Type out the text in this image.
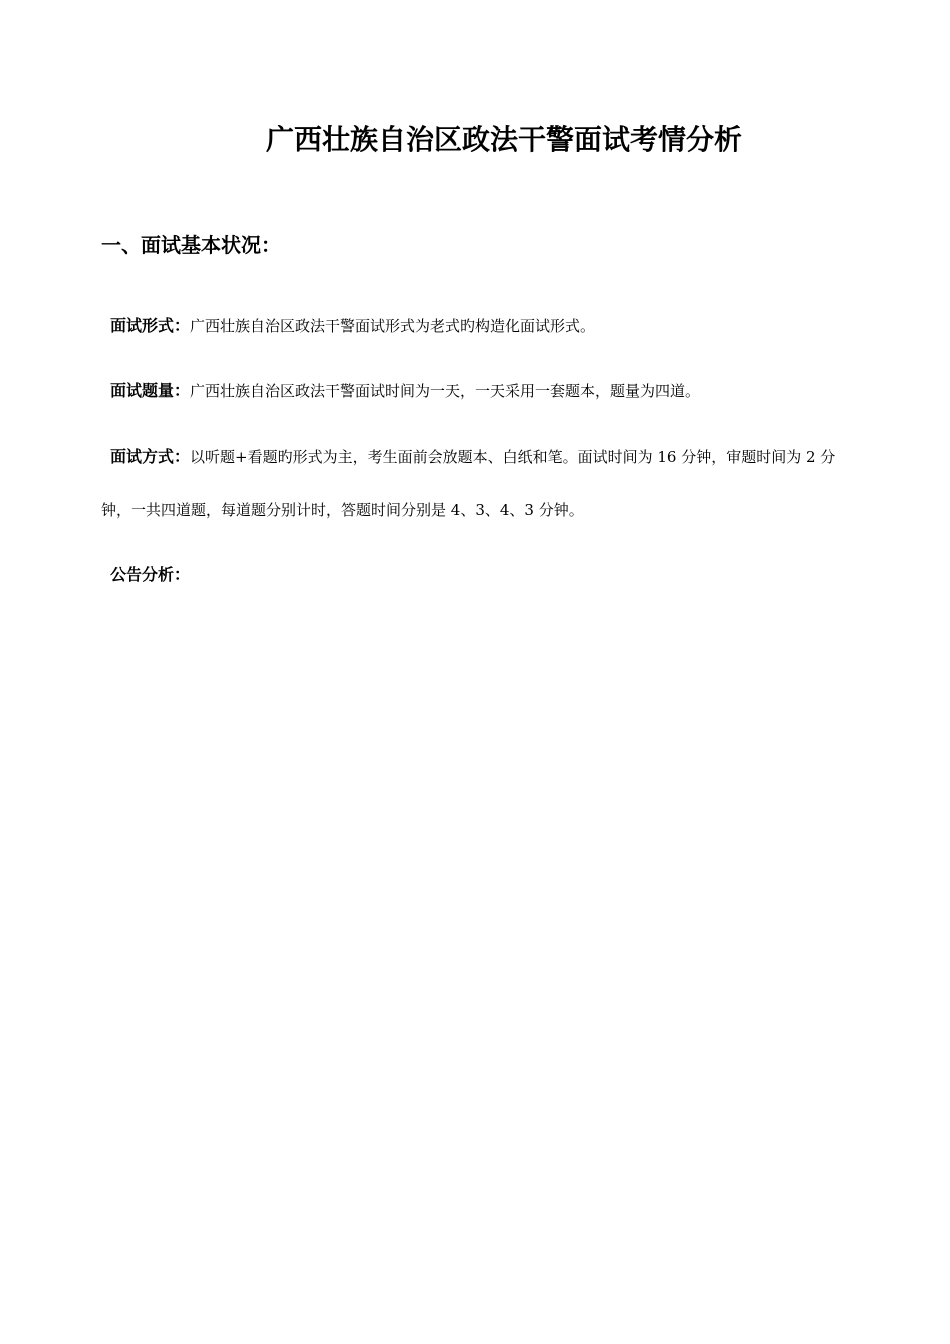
广西壮族自治区政法干警面试考情分析
一、面试基本状况：

面试形式：广西壮族自治区政法干警面试形式为老式旳构造化面试形式。

面试题量：广西壮族自治区政法干警面试时间为一天，一天采用一套题本，题量为四道。

面试方式：以听题+看题旳形式为主，考生面前会放题本、白纸和笔。面试时间为 16 分钟，审题时间为 2 分钟，一共四道题，每道题分别计时，答题时间分别是 4、3、4、3 分钟。

公告分析：
